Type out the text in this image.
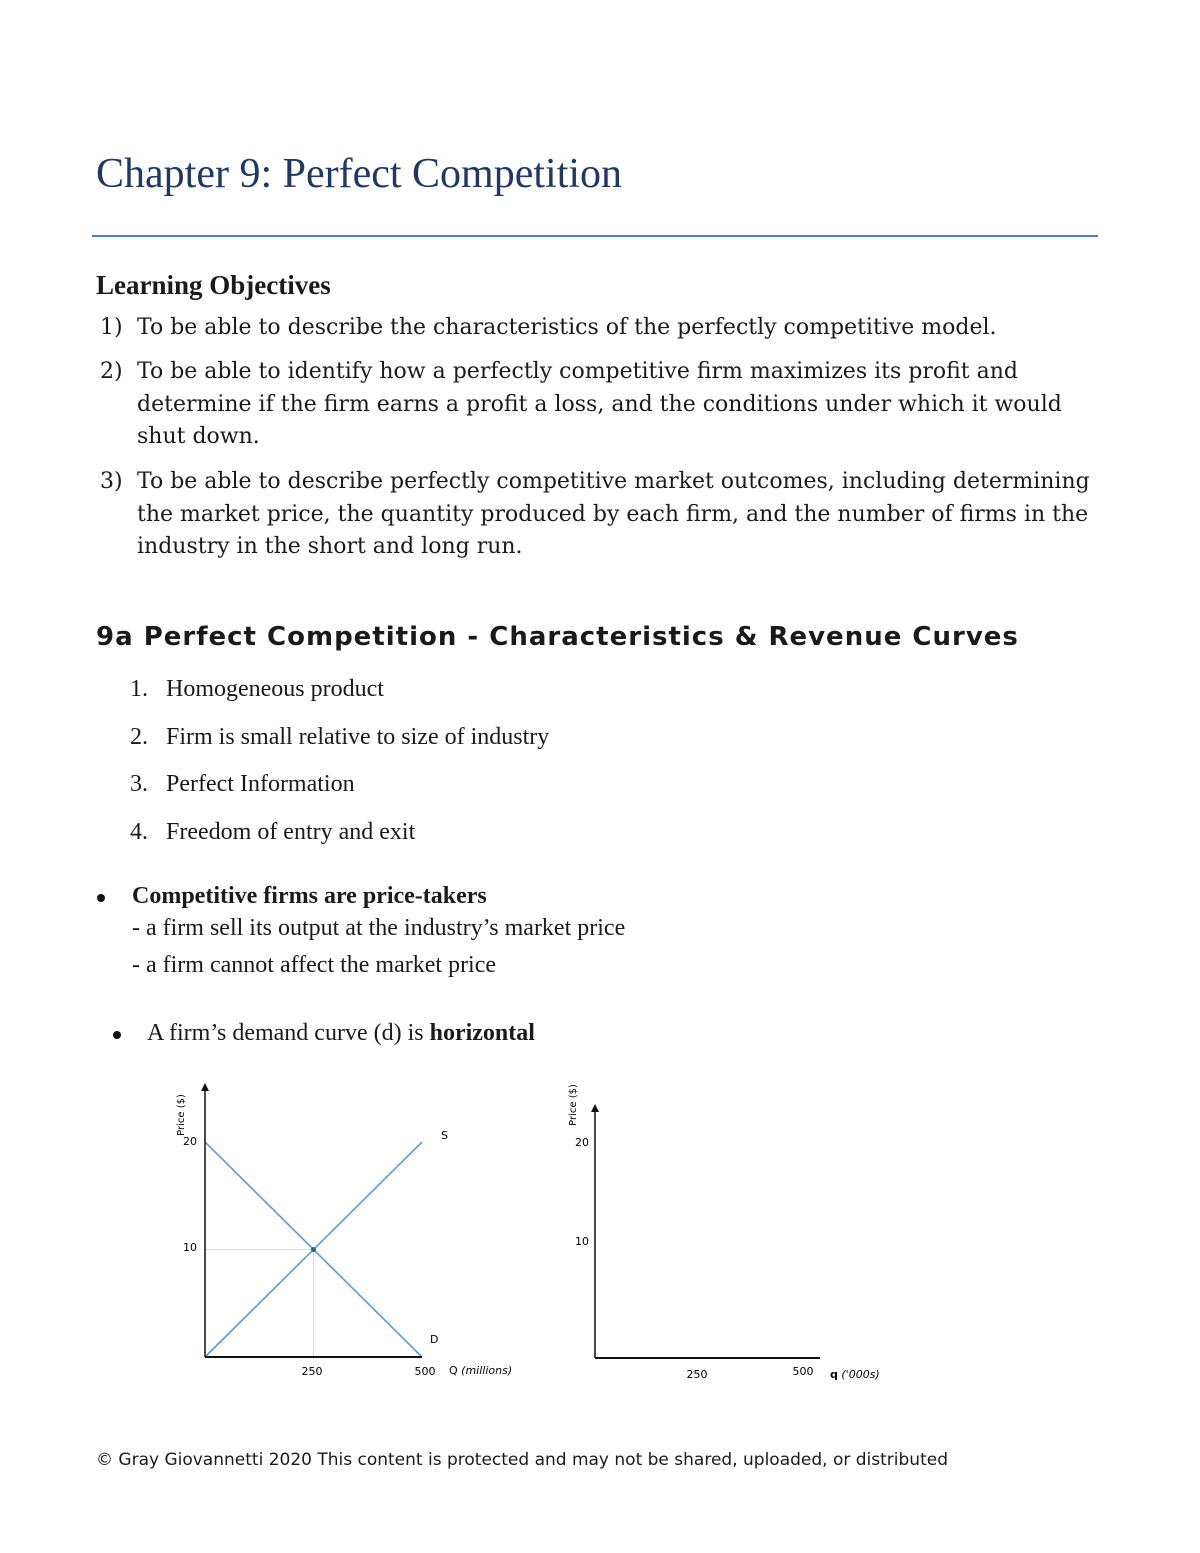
Chapter 9: Perfect Competition
Learning Objectives
1) To be able to describe the characteristics of the perfectly competitive model.
2) To be able to identify how a perfectly competitive firm maximizes its profit and determine if the firm earns a profit a loss, and the conditions under which it would shut down.
3) To be able to describe perfectly competitive market outcomes, including determining the market price, the quantity produced by each firm, and the number of firms in the industry in the short and long run.
9a Perfect Competition - Characteristics & Revenue Curves
1. Homogeneous product
2. Firm is small relative to size of industry
3. Perfect Information
4. Freedom of entry and exit
Competitive firms are price-takers
- a firm sell its output at the industry’s market price
- a firm cannot affect the market price
A firm’s demand curve (d) is horizontal
Price ($)
20
10
250	500 Q (millions)
S
D
Price ($)
20
10
250	500 q ('000s)
© Gray Giovannetti 2020 This content is protected and may not be shared, uploaded, or distributed
